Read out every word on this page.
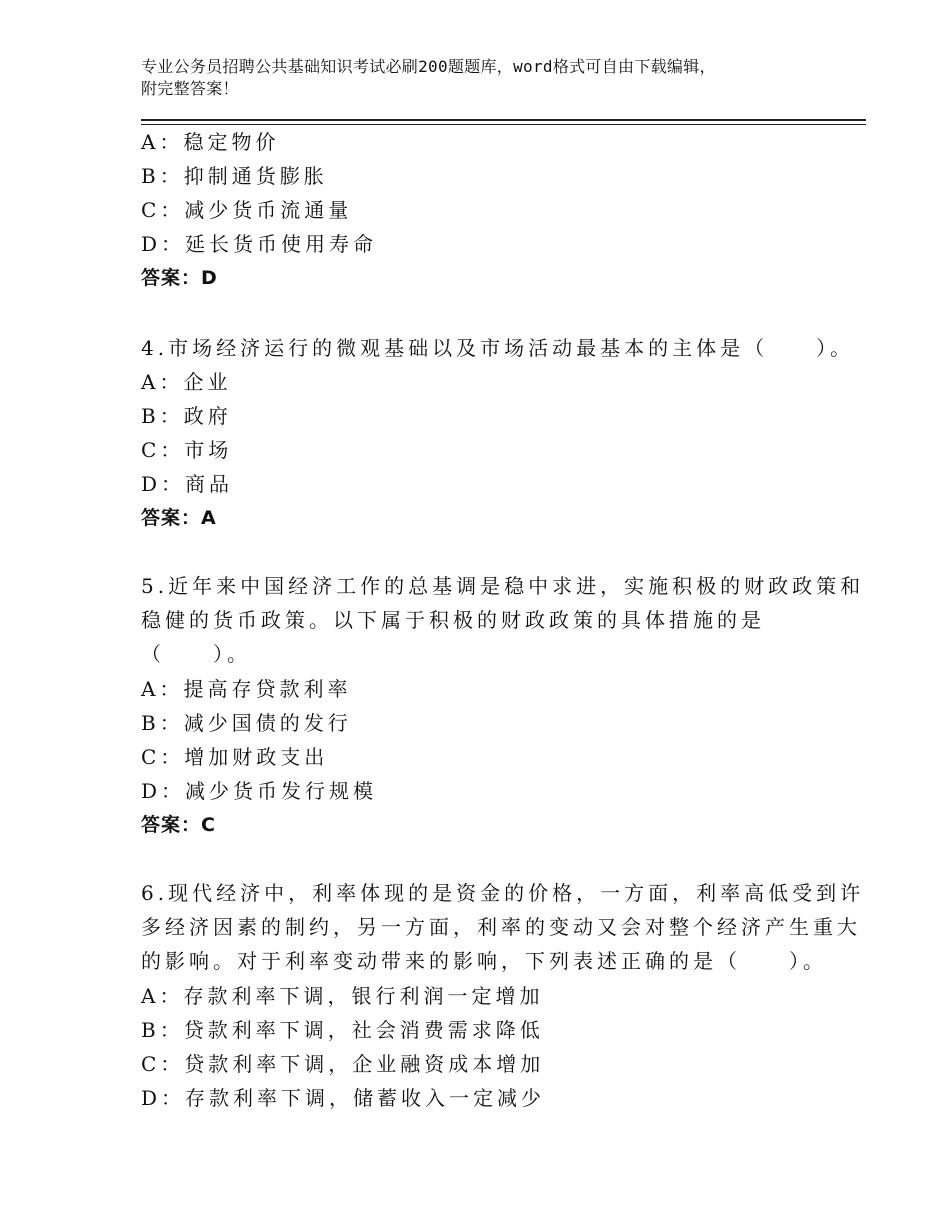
专业公务员招聘公共基础知识考试必刷200题题库，word格式可自由下载编辑，
附完整答案！
A：稳定物价
B：抑制通货膨胀
C：减少货币流通量
D：延长货币使用寿命
答案：D
4.市场经济运行的微观基础以及市场活动最基本的主体是（　　）。
A：企业
B：政府
C：市场
D：商品
答案：A
5.近年来中国经济工作的总基调是稳中求进，实施积极的财政政策和
稳健的货币政策。以下属于积极的财政政策的具体措施的是
（　　）。
A：提高存贷款利率
B：减少国债的发行
C：增加财政支出
D：减少货币发行规模
答案：C
6.现代经济中，利率体现的是资金的价格，一方面，利率高低受到许
多经济因素的制约，另一方面，利率的变动又会对整个经济产生重大
的影响。对于利率变动带来的影响，下列表述正确的是（　　）。
A：存款利率下调，银行利润一定增加
B：贷款利率下调，社会消费需求降低
C：贷款利率下调，企业融资成本增加
D：存款利率下调，储蓄收入一定减少
